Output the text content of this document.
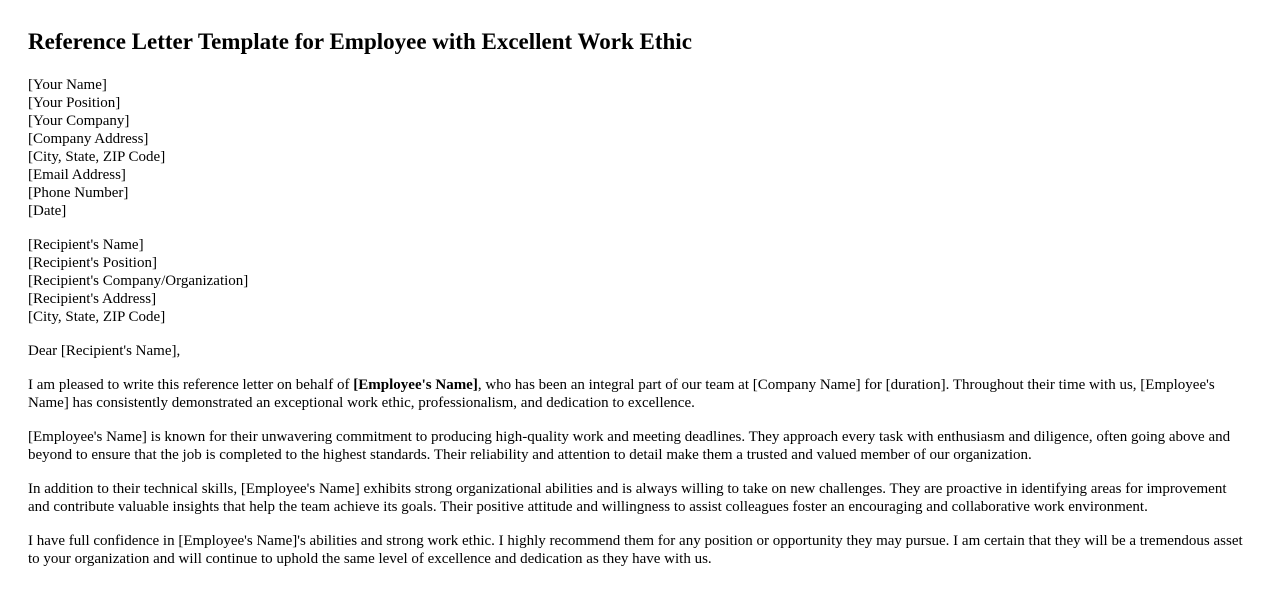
Reference Letter Template for Employee with Excellent Work Ethic
[Your Name]
[Your Position]
[Your Company]
[Company Address]
[City, State, ZIP Code]
[Email Address]
[Phone Number]
[Date]
[Recipient's Name]
[Recipient's Position]
[Recipient's Company/Organization]
[Recipient's Address]
[City, State, ZIP Code]
Dear [Recipient's Name],

I am pleased to write this reference letter on behalf of [Employee's Name], who has been an integral part of our team at [Company Name] for [duration]. Throughout their time with us, [Employee's Name] has consistently demonstrated an exceptional work ethic, professionalism, and dedication to excellence.

[Employee's Name] is known for their unwavering commitment to producing high-quality work and meeting deadlines. They approach every task with enthusiasm and diligence, often going above and beyond to ensure that the job is completed to the highest standards. Their reliability and attention to detail make them a trusted and valued member of our organization.

In addition to their technical skills, [Employee's Name] exhibits strong organizational abilities and is always willing to take on new challenges. They are proactive in identifying areas for improvement and contribute valuable insights that help the team achieve its goals. Their positive attitude and willingness to assist colleagues foster an encouraging and collaborative work environment.

I have full confidence in [Employee's Name]'s abilities and strong work ethic. I highly recommend them for any position or opportunity they may pursue. I am certain that they will be a tremendous asset to your organization and will continue to uphold the same level of excellence and dedication as they have with us.
